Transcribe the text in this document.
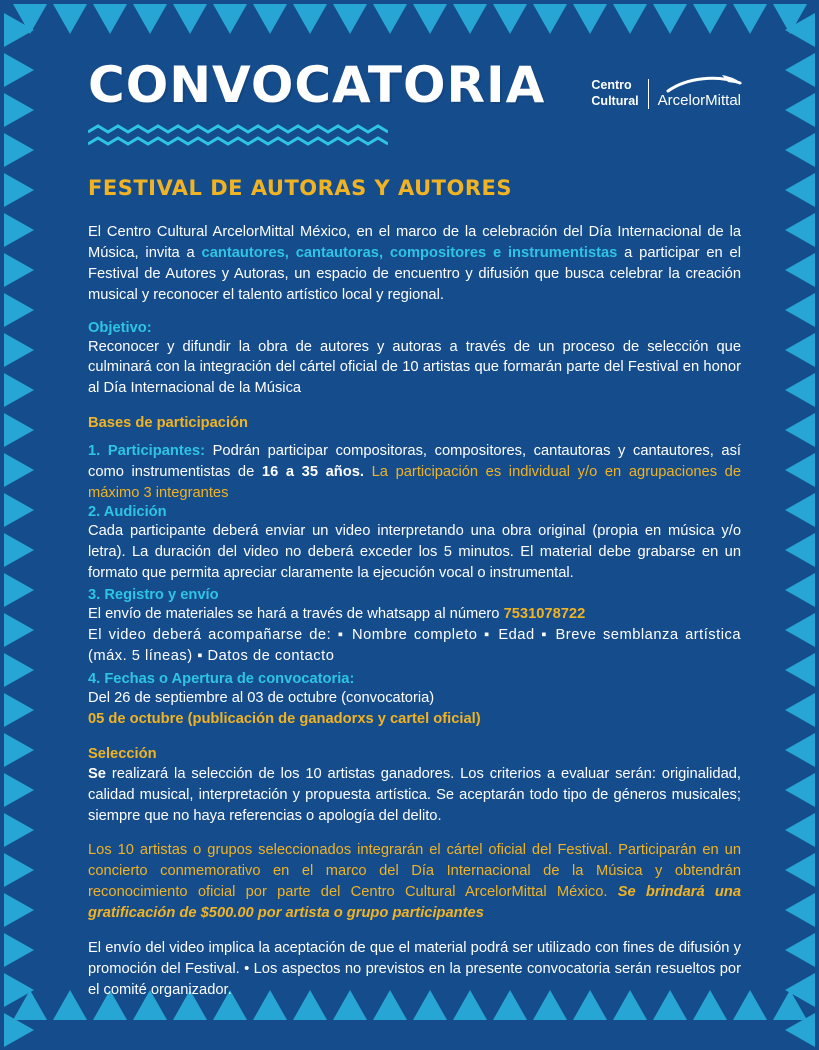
CONVOCATORIA	Centro
Cultural ArcelorMittal
FESTIVAL DE AUTORAS Y AUTORES

El Centro Cultural ArcelorMittal México, en el marco de la celebración del Día Internacional de la Música, invita a cantautores, cantautoras, compositores e instrumentistas a participar en el Festival de Autores y Autoras, un espacio de encuentro y difusión que busca celebrar la creación musical y reconocer el talento artístico local y regional.

Objetivo:

Reconocer y difundir la obra de autores y autoras a través de un proceso de selección que culminará con la integración del cártel oficial de 10 artistas que formarán parte del Festival en honor al Día Internacional de la Música

Bases de participación

1. Participantes: Podrán participar compositoras, compositores, cantautoras y cantautores, así como instrumentistas de 16 a 35 años. La participación es individual y/o en agrupaciones de máximo 3 integrantes

2. Audición

Cada participante deberá enviar un video interpretando una obra original (propia en música y/o letra). La duración del video no deberá exceder los 5 minutos. El material debe grabarse en un formato que permita apreciar claramente la ejecución vocal o instrumental.

3. Registro y envío

El envío de materiales se hará a través de whatsapp al número 7531078722

El video deberá acompañarse de: ▪ Nombre completo ▪ Edad ▪ Breve semblanza artística (máx. 5 líneas) ▪ Datos de contacto

4. Fechas o Apertura de convocatoria:

Del 26 de septiembre al 03 de octubre (convocatoria)

05 de octubre (publicación de ganadorxs y cartel oficial)

Selección

Se realizará la selección de los 10 artistas ganadores. Los criterios a evaluar serán: originalidad, calidad musical, interpretación y propuesta artística. Se aceptarán todo tipo de géneros musicales; siempre que no haya referencias o apología del delito.

Los 10 artistas o grupos seleccionados integrarán el cártel oficial del Festival. Participarán en un concierto conmemorativo en el marco del Día Internacional de la Música y obtendrán reconocimiento oficial por parte del Centro Cultural ArcelorMittal México. Se brindará una gratificación de $500.00 por artista o grupo participantes

El envío del video implica la aceptación de que el material podrá ser utilizado con fines de difusión y promoción del Festival. • Los aspectos no previstos en la presente convocatoria serán resueltos por el comité organizador.
